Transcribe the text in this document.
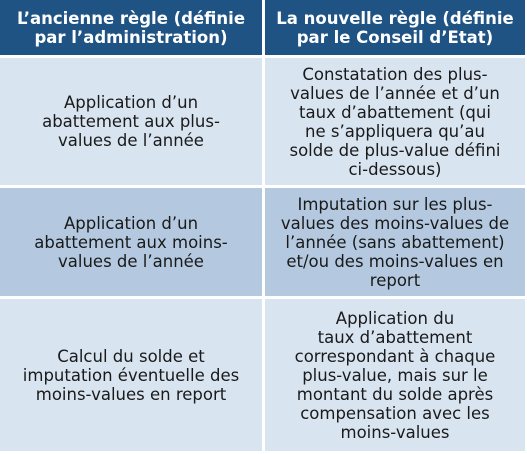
L’ancienne règle (définie
par l’administration)
La nouvelle règle (définie
par le Conseil d’Etat)
Application d’un
abattement aux plus-
values de l’année
Constatation des plus-
values de l’année et d’un
taux d’abattement (qui
ne s’appliquera qu’au
solde de plus-value défini
ci-dessous)
Application d’un
abattement aux moins-
values de l’année
Imputation sur les plus-
values des moins-values de
l’année (sans abattement)
et/ou des moins-values en
report
Calcul du solde et
imputation éventuelle des
moins-values en report
Application du
taux d’abattement
correspondant à chaque
plus-value, mais sur le
montant du solde après
compensation avec les
moins-values
